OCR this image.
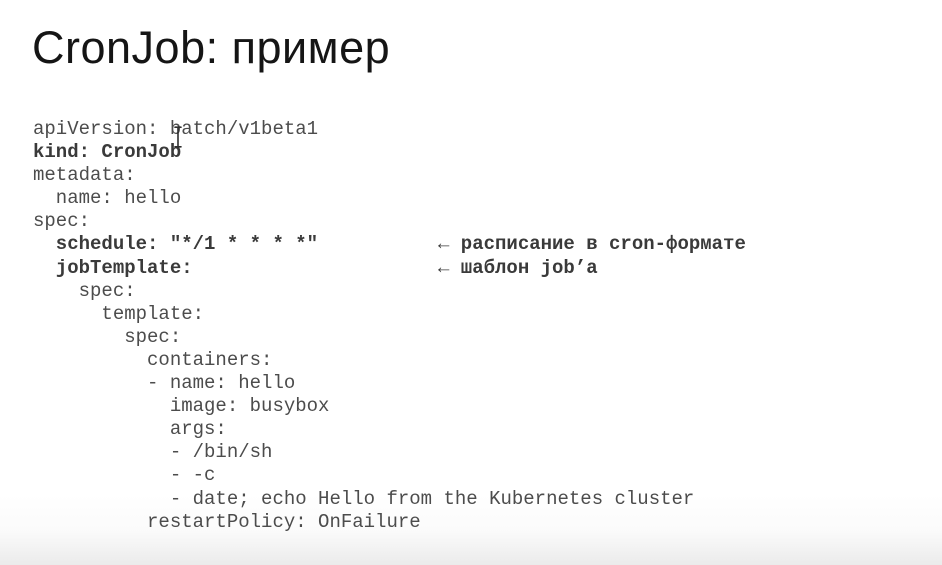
CronJob: пример
apiVersion: batch/v1beta1
kind: CronJob
metadata:
name: hello
spec:
schedule: "*/1 * * * *"	← расписание в cron-формате
jobTemplate:	← шаблон job’а
spec:
template:
spec:
containers:
- name: hello
image: busybox
args:
- /bin/sh
- -c
- date; echo Hello from the Kubernetes cluster
restartPolicy: OnFailure
